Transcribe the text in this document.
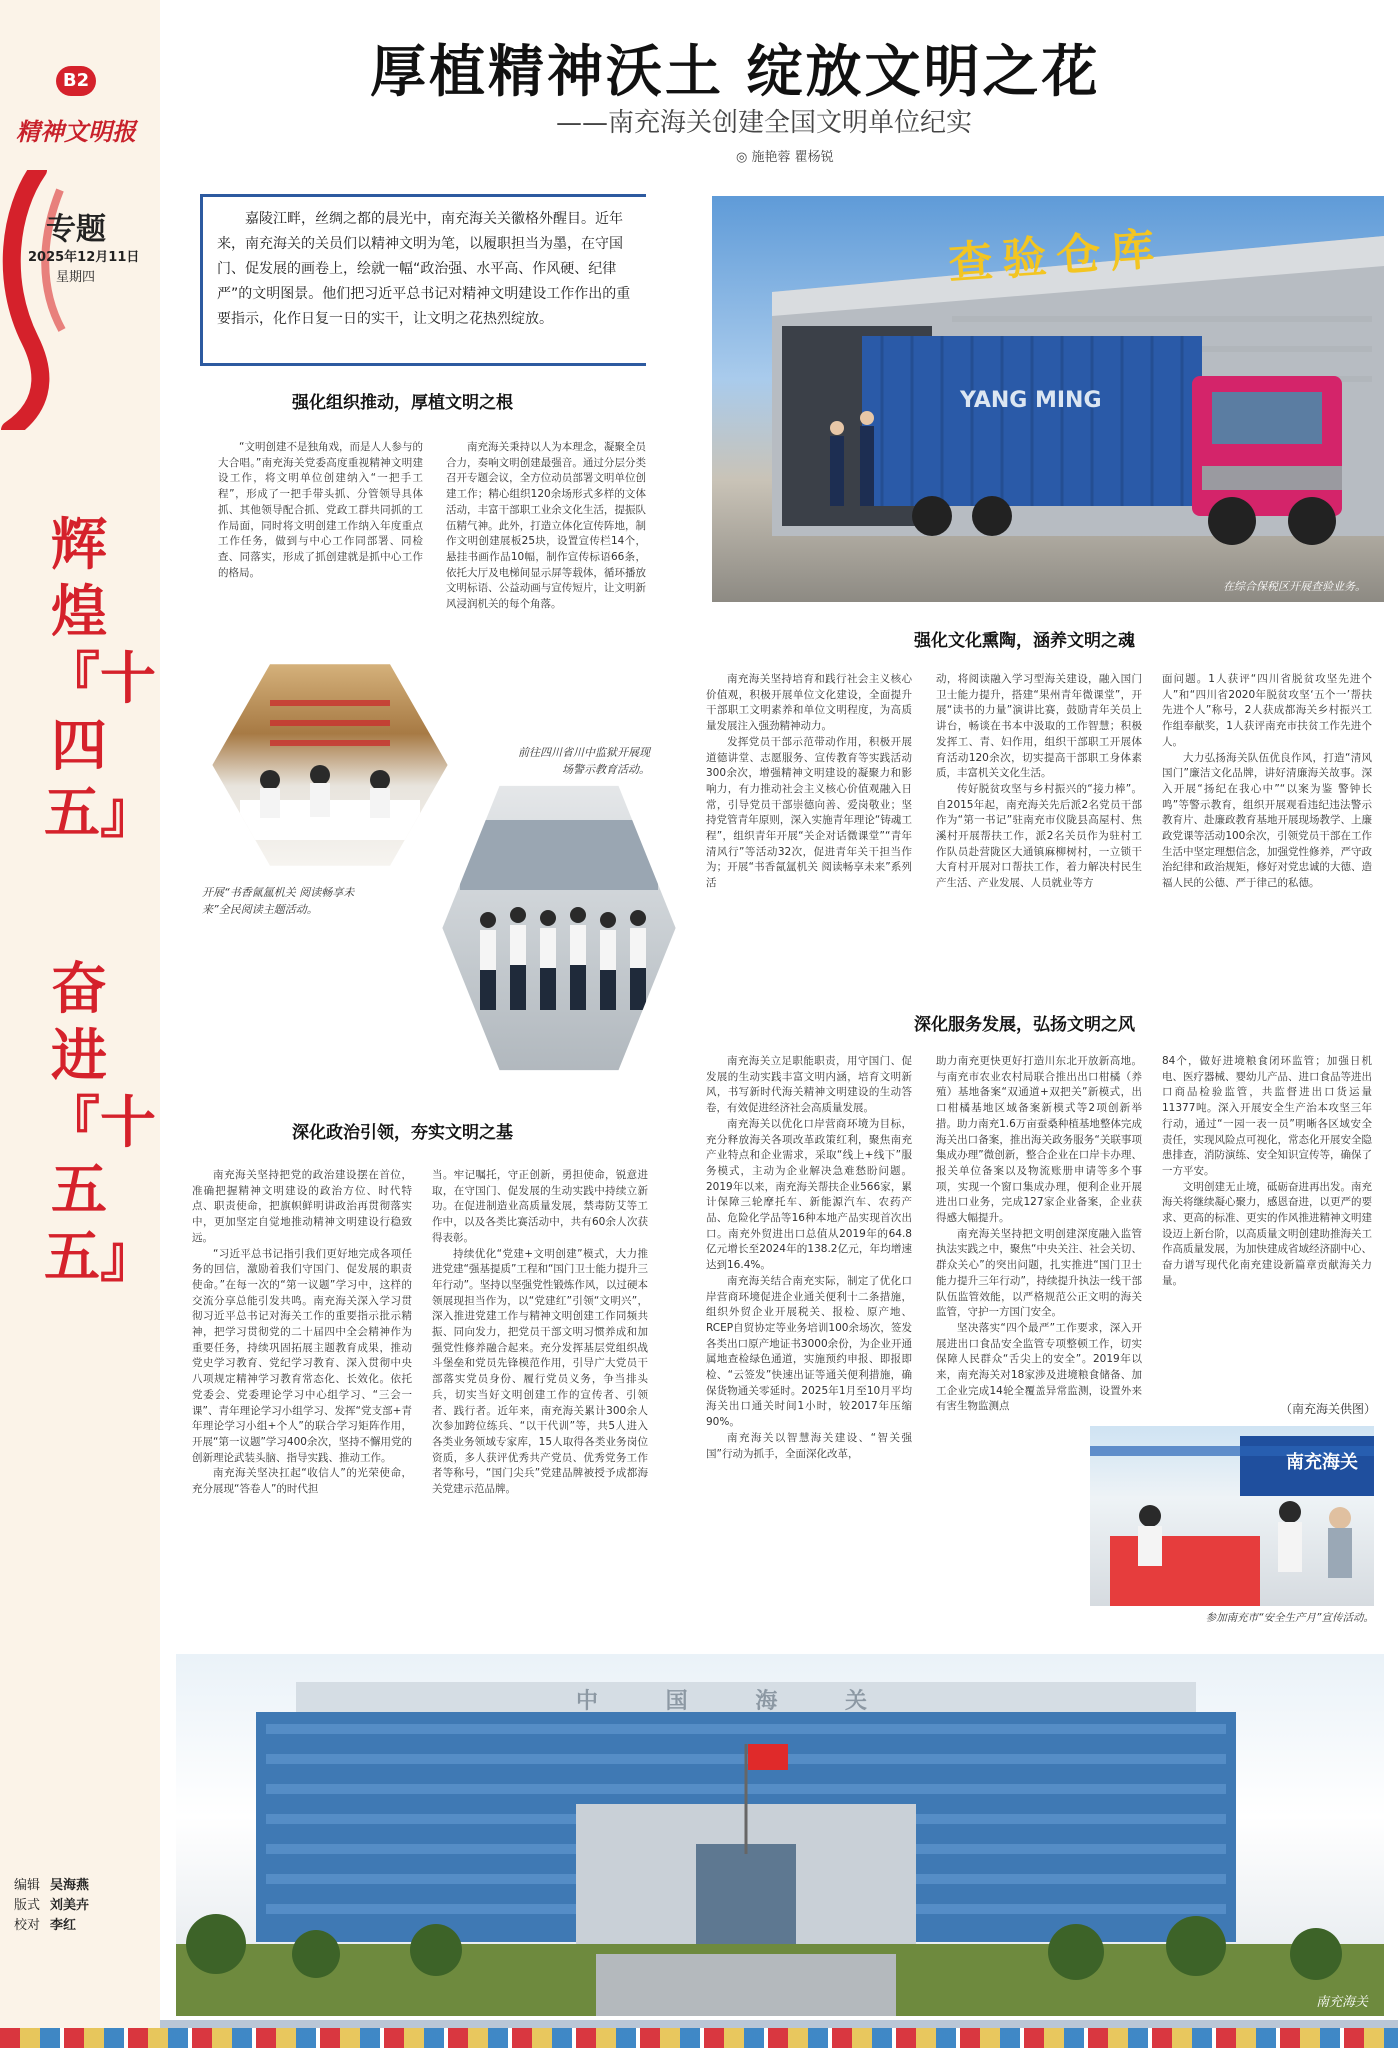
B2
精神文明报
专题
2025年12月11日
星期四
辉煌『十四五』
奋进『十五五』
编辑 吴海燕
版式 刘美卉
校对 李红
厚植精神沃土 绽放文明之花
——南充海关创建全国文明单位纪实
◎ 施艳蓉 瞿杨锐
嘉陵江畔，丝绸之都的晨光中，南充海关关徽格外醒目。近年来，南充海关的关员们以精神文明为笔，以履职担当为墨，在守国门、促发展的画卷上，绘就一幅“政治强、水平高、作风硬、纪律严”的文明图景。他们把习近平总书记对精神文明建设工作作出的重要指示，化作日复一日的实干，让文明之花热烈绽放。
查验仓库
YANG MING
在综合保税区开展查验业务。
强化组织推动，厚植文明之根

“文明创建不是独角戏，而是人人参与的大合唱。”南充海关党委高度重视精神文明建设工作，将文明单位创建纳入“一把手工程”，形成了一把手带头抓、分管领导具体抓、其他领导配合抓、党政工群共同抓的工作局面，同时将文明创建工作纳入年度重点工作任务，做到与中心工作同部署、同检查、同落实，形成了抓创建就是抓中心工作的格局。

南充海关秉持以人为本理念，凝聚全员合力，奏响文明创建最强音。通过分层分类召开专题会议，全方位动员部署文明单位创建工作；精心组织120余场形式多样的文体活动，丰富干部职工业余文化生活，提振队伍精气神。此外，打造立体化宣传阵地，制作文明创建展板25块，设置宣传栏14个，悬挂书画作品10幅，制作宣传标语66条，依托大厅及电梯间显示屏等载体，循环播放文明标语、公益动画与宣传短片，让文明新风浸润机关的每个角落。

前往四川省川中监狱开展现场警示教育活动。
开展“书香氤氲机关 阅读畅享未来”全民阅读主题活动。
深化政治引领，夯实文明之基

南充海关坚持把党的政治建设摆在首位，准确把握精神文明建设的政治方位、时代特点、职责使命，把旗帜鲜明讲政治再贯彻落实中，更加坚定自觉地推动精神文明建设行稳致远。

“习近平总书记指引我们更好地完成各项任务的回信，激励着我们守国门、促发展的职责使命。”在每一次的“第一议题”学习中，这样的交流分享总能引发共鸣。南充海关深入学习贯彻习近平总书记对海关工作的重要指示批示精神，把学习贯彻党的二十届四中全会精神作为重要任务，持续巩固拓展主题教育成果，推动党史学习教育、党纪学习教育、深入贯彻中央八项规定精神学习教育常态化、长效化。依托党委会、党委理论学习中心组学习、“三会一课”、青年理论学习小组学习、发挥“党支部+青年理论学习小组+个人”的联合学习矩阵作用，开展“第一议题”学习400余次，坚持不懈用党的创新理论武装头脑、指导实践、推动工作。

南充海关坚决扛起“收信人”的光荣使命，充分展现“答卷人”的时代担

当。牢记嘱托，守正创新，勇担使命，锐意进取，在守国门、促发展的生动实践中持续立新功。在促进制造业高质量发展，禁毒防艾等工作中，以及各类比赛活动中，共有60余人次获得表彰。

持续优化“党建+文明创建”模式，大力推进党建“强基提质”工程和“国门卫士能力提升三年行动”。坚持以坚强党性锻炼作风，以过硬本领展现担当作为，以“党建红”引领“文明兴”，深入推进党建工作与精神文明创建工作同频共振、同向发力，把党员干部文明习惯养成和加强党性修养融合起来。充分发挥基层党组织战斗堡垒和党员先锋模范作用，引导广大党员干部落实党员身份、履行党员义务，争当排头兵，切实当好文明创建工作的宣传者、引领者、践行者。近年来，南充海关累计300余人次参加跨位练兵、“以干代训”等，共5人进入各类业务领域专家库，15人取得各类业务岗位资质，多人获评优秀共产党员、优秀党务工作者等称号，“国门尖兵”党建品牌被授予成都海关党建示范品牌。

强化文化熏陶，涵养文明之魂

南充海关坚持培育和践行社会主义核心价值观，积极开展单位文化建设，全面提升干部职工文明素养和单位文明程度，为高质量发展注入强劲精神动力。

发挥党员干部示范带动作用，积极开展道德讲堂、志愿服务、宣传教育等实践活动300余次，增强精神文明建设的凝聚力和影响力，有力推动社会主义核心价值观融入日常，引导党员干部崇德向善、爱岗敬业；坚持党管青年原则，深入实施青年理论“铸魂工程”，组织青年开展“关企对话微课堂”“青年清风行”等活动32次，促进青年关干担当作为；开展“书香氤氲机关 阅读畅享未来”系列活

动，将阅读融入学习型海关建设，融入国门卫士能力提升，搭建“果州青年微课堂”，开展“读书的力量”演讲比赛，鼓励青年关员上讲台，畅谈在书本中汲取的工作智慧；积极发挥工、青、妇作用，组织干部职工开展体育活动120余次，切实提高干部职工身体素质，丰富机关文化生活。

传好脱贫攻坚与乡村振兴的“接力棒”。自2015年起，南充海关先后派2名党员干部作为“第一书记”驻南充市仪陇县高屋村、焦溪村开展帮扶工作，派2名关员作为驻村工作队员赴营陇区大通镇麻柳树村，一立锁干大育村开展对口帮扶工作，着力解决村民生产生活、产业发展、人员就业等方

面问题。1人获评“四川省脱贫攻坚先进个人”和“四川省2020年脱贫攻坚‘五个一’帮扶先进个人”称号，2人获成都海关乡村振兴工作组奉献奖，1人获评南充市扶贫工作先进个人。

大力弘扬海关队伍优良作风，打造“清风国门”廉洁文化品牌，讲好清廉海关故事。深入开展“扬纪在我心中”“以案为鉴 警钟长鸣”等警示教育，组织开展观看违纪违法警示教育片、赴廉政教育基地开展现场教学、上廉政党课等活动100余次，引领党员干部在工作生活中坚定理想信念，加强党性修养，严守政治纪律和政治规矩，修好对党忠诚的大德、造福人民的公德、严于律己的私德。

深化服务发展，弘扬文明之风

南充海关立足职能职责，用守国门、促发展的生动实践丰富文明内涵，培育文明新风，书写新时代海关精神文明建设的生动答卷，有效促进经济社会高质量发展。

南充海关以优化口岸营商环境为目标，充分释放海关各项改革政策红利，聚焦南充产业特点和企业需求，采取“线上+线下”服务模式，主动为企业解决急难愁盼问题。2019年以来，南充海关帮扶企业566家，累计保障三轮摩托车、新能源汽车、农药产品、危险化学品等16种本地产品实现首次出口。南充外贸进出口总值从2019年的64.8亿元增长至2024年的138.2亿元，年均增速达到16.4%。

南充海关结合南充实际，制定了优化口岸营商环境促进企业通关便利十二条措施，组织外贸企业开展税关、报检、原产地、RCEP自贸协定等业务培训100余场次，签发各类出口原产地证书3000余份，为企业开通属地查检绿色通道，实施预约申报、即报即检、“云签发”快速出证等通关便利措施，确保货物通关零延时。2025年1月至10月平均海关出口通关时间1小时，较2017年压缩90%。

南充海关以智慧海关建设、“智关强国”行动为抓手，全面深化改革，

助力南充更快更好打造川东北开放新高地。与南充市农业农村局联合推出出口柑橘（养殖）基地备案“双通道+双把关”新模式，出口柑橘基地区域备案新模式等2项创新举措。助力南充1.6万亩蚕桑种植基地整体完成海关出口备案，推出海关政务服务“关联事项集成办理”微创新，整合企业在口岸卡办理、报关单位备案以及物流账册申请等多个事项，实现一个窗口集成办理，便利企业开展进出口业务，完成127家企业备案，企业获得感大幅提升。

南充海关坚持把文明创建深度融入监管执法实践之中，聚焦“中央关注、社会关切、群众关心”的突出问题，扎实推进“国门卫士能力提升三年行动”，持续提升执法一线干部队伍监管效能，以严格规范公正文明的海关监管，守护一方国门安全。

坚决落实“四个最严”工作要求，深入开展进出口食品安全监管专项整顿工作，切实保障人民群众“舌尖上的安全”。2019年以来，南充海关对18家涉及进境粮食储备、加工企业完成14轮全覆盖异常监测，设置外来有害生物监测点

84个，做好进境粮食闭环监管；加强日机电、医疗器械、婴幼儿产品、进口食品等进出口商品检验监管，共监督进出口货运量11377吨。深入开展安全生产治本攻坚三年行动，通过“一园一表一员”明晰各区域安全责任，实现风险点可视化，常态化开展安全隐患排查，消防演练、安全知识宣传等，确保了一方平安。

文明创建无止境，砥砺奋进再出发。南充海关将继续凝心聚力，感恩奋进，以更严的要求、更高的标准、更实的作风推进精神文明建设迈上新台阶，以高质量文明创建助推海关工作高质量发展，为加快建成省域经济副中心、奋力谱写现代化南充建设新篇章贡献海关力量。

（南充海关供图）
南充海关
参加南充市“安全生产月”宣传活动。
中 国 海 关
南充海关
